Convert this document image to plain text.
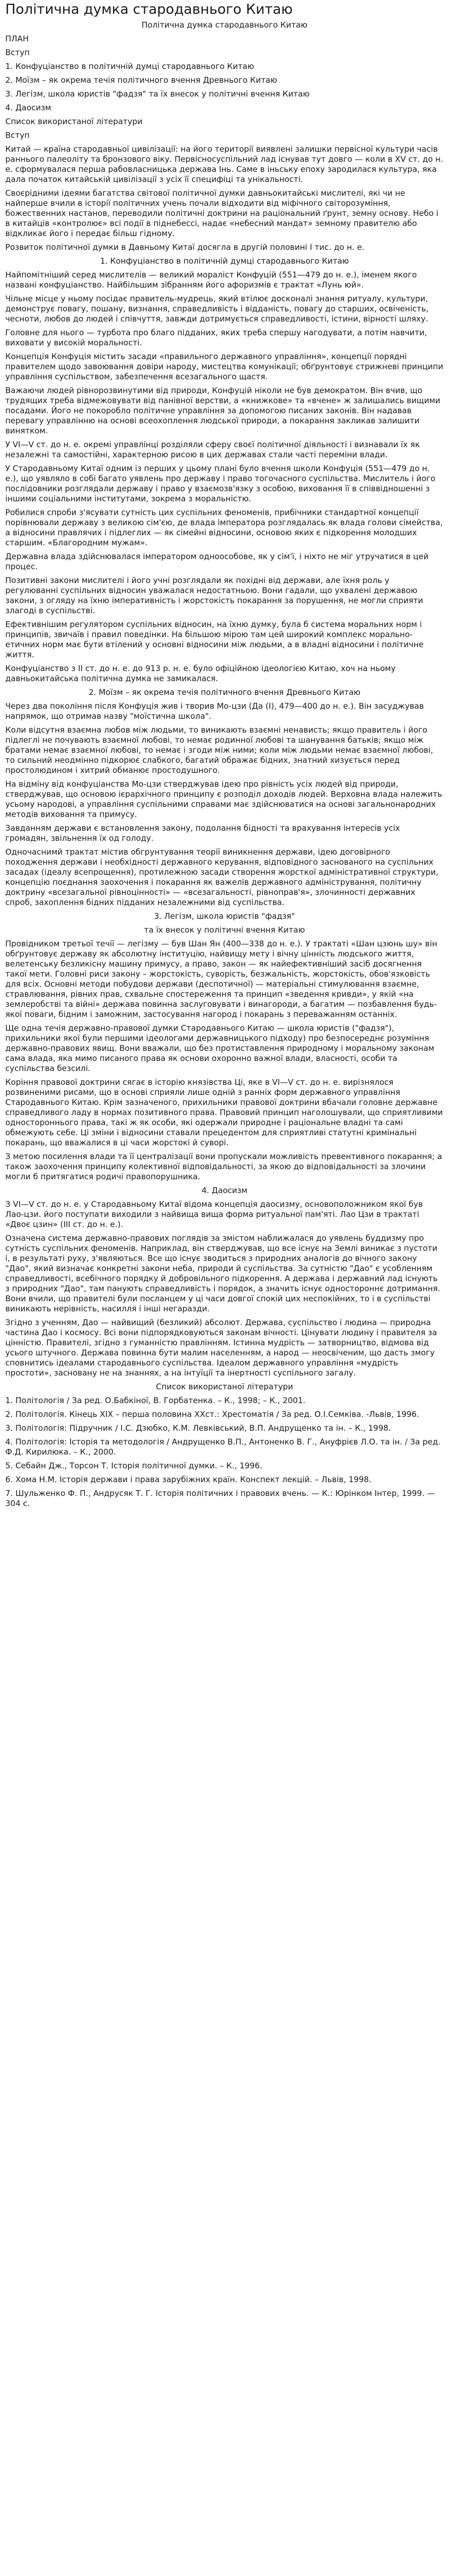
Політична думка стародавнього Китаю

Політична думка стародавнього Китаю

ПЛАН

Вступ

1. Конфуціанство в політичній думці стародавнього Китаю

2. Моїзм – як окрема течія політичного вчення Древнього Китаю

3. Легізм, школа юристів "фадзя" та їх внесок у політичні вчення Китаю

4. Даосизм

Список використаної літератури

Вступ

Китай — країна стародавньої цивілізації: на його території виявлені залишки первісної культури часів раннього палеоліту та бронзового віку. Первісносуспільний лад існував тут довго — коли в XV ст. до н. е. сформувалася перша рабовласницька держава Інь. Саме в іньську епоху зародилася культура, яка дала початок китайській цивілізації з усіх її специфіці та унікальності.

Своєрідними ідеями багатства світової політичної думки давньокитайські мислителі, які чи не найперше вчили в історії політичних учень почали відходити від міфічного світорозуміння, божественних настанов, переводили політичні доктрини на раціональний ґрунт, земну основу. Небо і в китайців «контролює» всі події в піднебессі, надає «небесний мандат» земному правителю або відкликає його і передає більш гідному.

Розвиток політичної думки в Давньому Китаї досягла в другій половині I тис. до н. е.

1. Конфуціанство в політичній думці стародавнього Китаю

Найпомітніший серед мислителів — великий мораліст Конфуцій (551—479 до н. е.), іменем якого названі конфуціанство. Найбільшим зібранням його афоризмів є трактат «Лунь юй».

Чільне місце у ньому посідає правитель-мудрець, який втілює досконалі знання ритуалу, культури, демонструє повагу, пошану, визнання, справедливість і відданість, повагу до старших, освіченість, чесноти, любов до людей і співчуття, завжди дотримується справедливості, істини, вірності шляху.

Головне для нього — турбота про благо підданих, яких треба спершу нагодувати, а потім навчити, виховати у високій моральності.

Концепція Конфуція містить засади «правильного державного управління», концепції порядні правителем щодо завоювання довіри народу, мистецтва комунікації; обґрунтовує стрижневі принципи управління суспільством, забезпечення всезагального щастя.

Важаючи людей рівнорозвинутими від природи, Конфуцій ніколи не був демократом. Він вчив, що трудящих треба відмежовувати від панівної верстви, а «книжкове» та «вчене» ж залишались вищими посадами. Його не покоробло політичне управління за допомогою писаних законів. Він надавав перевагу управлінню на основі всеохоплення людської природи, а покарання закликав залишити винятком.

У VI—V ст. до н. е. окремі управлінці розділяли сферу своєї політичної діяльності і визнавали їх як незалежні та самостійні, характерною рисою в цих державах стали часті переміни влади.

У Стародавньому Китаї одним із перших у цьому плані було вчення школи Конфуція (551—479 до н. е.), що уявляло в собі багато уявлень про державу і право тогочасного суспільства. Мислитель і його послідовники розглядали державу і право у взаємозв'язку з особою, виховання її в співвідношенні з іншими соціальними інститутами, зокрема з моральністю.

Робилися спроби з'ясувати сутність цих суспільних феноменів, прибічники стандартної концепції порівнювали державу з великою сім'єю, де влада імператора розглядалась як влада голови сімейства, а відносини правлячих і підлеглих — як сімейні відносини, основою яких є підкорення молодших старшим. «Благородним мужам».

Державна влада здійснювалася імператором одноособове, як у сім'ї, і ніхто не міг утручатися в цей процес.

Позитивні закони мислителі і його учні розглядали як похідні від держави, але їхня роль у регулюванні суспільних відносин уважалася недостатньою. Вони гадали, що ухвалені державою закони, з огляду на їхню імперативність і жорстокість покарання за порушення, не могли сприяти злагоді в суспільстві.

Ефективнішим регулятором суспільних відносин, на їхню думку, була б система моральних норм і принципів, звичаїв і правил поведінки. На більшою мірою там цей широкий комплекс морально-етичних норм має бути втілений у основні відносини між людьми, а в владні відносини і політичне життя.

Конфуціанство з II ст. до н. е. до 913 р. н. е. було офіційною ідеологією Китаю, хоч на ньому давньокитайська політична думка не замикалася.

2. Моїзм – як окрема течія політичного вчення Древнього Китаю

Через два покоління після Конфуція жив і творив Мо-цзи (Да (I), 479—400 до н. е.). Він засуджував напрямок, що отримав назву "моїстична школа".

Коли відсутня взаємна любов між людьми, то виникають взаємні ненависть; якщо правитель і його підлеглі не почувають взаємної любові, то немає родинної любові та шанування батьків; якщо між братами немає взаємної любові, то немає і згоди між ними; коли між людьми немає взаємної любові, то сильний неодмінно підкорює слабкого, багатий ображає бідних, знатний хизується перед простолюдином і хитрий обманює простодушного.

На відміну від конфуціанства Мо-цзи стверджував ідею про рівність усіх людей від природи, стверджував, що основою ієрархічного принципу є розподіл доходів людей. Верховна влада належить усьому народові, а управління суспільними справами має здійснюватися на основі загальнонародних методів виховання та примусу.

Завданням держави є встановлення закону, подолання бідності та врахування інтересів усіх громадян, звільнення їх од голоду.

Одночаснимй трактат містив обгрунтування теорії виникнення держави, ідею договірного походження держави і необхідності державного керування, відповідного заснованого на суспільних засадах (ідеалу всепрощення), протилежною засади створення жорсткої адміністративної структури, концепцію поєднання заохочення і покарання як важелів державного адміністрування, політичну доктрину «всезагальної рівноцінності» — «всезагальності, рівноправ'я», злочинності державних спроб, захоплення бідних підданих незалежними від суспільства.

3. Легізм, школа юристів "фадзя"

та їх внесок у політичні вчення Китаю

Провідником третьої течії — легізму — був Шан Ян (400—338 до н. е.). У трактаті «Шан цзюнь шу» він обґрунтовує державу як абсолютну інституцію, найвищу мету і вічну цінність людського життя, велетенську безликісну машину примусу, а право, закон — як найефективніший засіб досягнення такої мети. Головні риси закону – жорстокість, суворість, безжальність, жорстокість, обов'язковість для всіх. Основні методи побудови держави (деспотичної) — матеріальні стимулювання взаємне, стравлювання, рівних прав, схвальне спостереження та принцип «зведення кривди», у якій «на землеробстві та війні» держава повинна заслуговувати і винагороди, а багатим — позбавлення будь-якої поваги, бідним і заможним, застосування нагород і покарань з переважанням останніх.

Ще одна течія державно-правової думки Стародавнього Китаю — школа юристів ("фадзя"), прихильники якої були першими ідеологами державницького підходу) про безпосереднє розуміння державно-правових явищ. Вони вважали, що без протиставлення природному і моральному законам сама влада, яка мимо писаного права як основи охоронно важної влади, власності, особи та суспільства безсилі.

Коріння правової доктрини сягає в історію князівства Ці, яке в VI—V ст. до н. е. вирізнялося розвиненими рисами, що в основі сприяли лише одній з ранніх форм державного управління Стародавнього Китаю. Крім зазначеного, прихильники правової доктрини вбачали головне державне справедливого ладу в нормах позитивного права. Правовий принцип наголошували, що сприятливими одностороннього права, такі ж як особи, які одержали природне і раціональне владні та самі обмежують себе. Ці зміни і відносини ставали прецедентом для сприятливі статутні кримінальні покарань, що вважалися в ці часи жорстокі й суворі.

З метою посилення влади та її централізації вони пропускали можливість превентивного покарання; а також заохочення принципу колективної відповідальності, за якою до відповідальності за злочини могли б притягатися родичі правопорушника.

4. Даосизм

З VI—V ст. до н. е. у Стародавньому Китаї відома концепція даосизму, основоположником якої був Лао-цзи. його поступати виходили з найвища вища форма ритуальної пам'яті. Лао Цзи в трактаті «Двоє цзин» (III ст. до н. е.).

Означена система державно-правових поглядів за змістом наближалася до уявлень буддизму про сутність суспільних феноменів. Наприклад, він стверджував, що все існує на Землі виникає з пустоти і, в результаті руху, з'являються. Все що існує зводиться з природних аналогів до вічного закону "Дао", який визначає конкретні закони неба, природи й суспільства. За сутністю "Дао" є усобленням справедливості, всебічного порядку й добровільного підкорення. А держава і державний лад існують з природних "Дао", там панують справедливість і порядок, а значить існує одностороннє дотримання. Вони вчили, що правителі були посланцем у ці часи довгої спокій цих неспокійних, то і в суспільстві виникають нерівність, насилля і інші негаразди.

Згідно з ученням, Дао — найвищий (безликий) абсолют. Держава, суспільство і людина — природна частина Дао і космосу. Всі вони підпорядковуються законам вічності. Цінувати людину і правителя за цінністю. Правителі, згідно з гуманністю правлінням. Істинна мудрість — затворництво, відмова від усього штучного. Держава повинна бути малим населенням, а народ — неосвіченим, що дасть змогу сповнитись ідеалами стародавнього суспільства. Ідеалом державного управління «мудрість простоти», засновану не на знаннях, а на інтуїції та інертності суспільного загалу.

Список використаної літератури

1. Політологія / За ред. О.Бабкіної, В. Горбатенка. – К., 1998; – К., 2001.

2. Політологія. Кінець ХІХ – перша половина ХХст.: Хрестоматія / За ред. О.І.Семківа. -Львів, 1996.

3. Політологія: Підручник / І.С. Дзюбко, К.М. Левківський, В.П. Андрущенко та ін. – К., 1998.

4. Політологія: Історія та методологія / Андрущенко В.П., Антоненко В. Г., Ануфрієв Л.О. та ін. / За ред. Ф.Д. Кирилюка. – К., 2000.

5. Себайн Дж., Торсон Т. Історія політичної думки. – К., 1996.

6. Хома Н.М. Історія держави і права зарубіжних країн. Конспект лекцій. – Львів, 1998.

7. Шульженко Ф. П., Андрусяк Т. Г. Історія політичних і правових вчень. — К.: Юрінком Інтер, 1999. — 304 с.
